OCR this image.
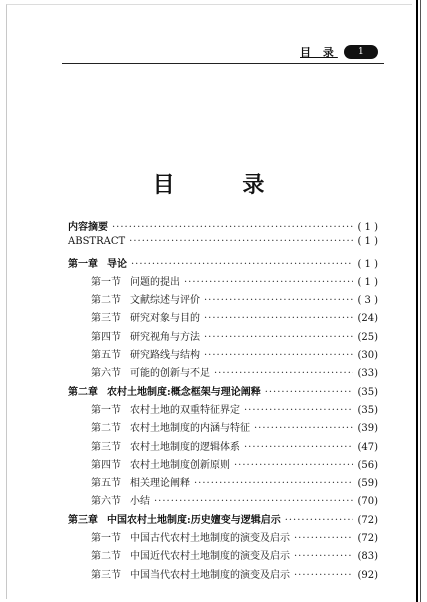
目 录	1
目 录
内容摘要 ·····	( 1 )
ABSTRACT ·····	( 1 )
第一章 导论 ·····	( 1 )
第一节 问题的提出 ·····	( 1 )
第二节 文献综述与评价 ·····	( 3 )
第三节 研究对象与目的 ·····	(24)
第四节 研究视角与方法 ·····	(25)
第五节 研究路线与结构 ·····	(30)
第六节 可能的创新与不足 ·····	(33)
第二章 农村土地制度:概念框架与理论阐释 ·····	(35)
第一节 农村土地的双重特征界定 ·····	(35)
第二节 农村土地制度的内涵与特征 ·····	(39)
第三节 农村土地制度的逻辑体系 ·····	(47)
第四节 农村土地制度创新原则 ·····	(56)
第五节 相关理论阐释 ·····	(59)
第六节 小结 ·····	(70)
第三章 中国农村土地制度:历史嬗变与逻辑启示 ·····	(72)
第一节 中国古代农村土地制度的演变及启示 ·····	(72)
第二节 中国近代农村土地制度的演变及启示 ·····	(83)
第三节 中国当代农村土地制度的演变及启示 ·····	(92)
